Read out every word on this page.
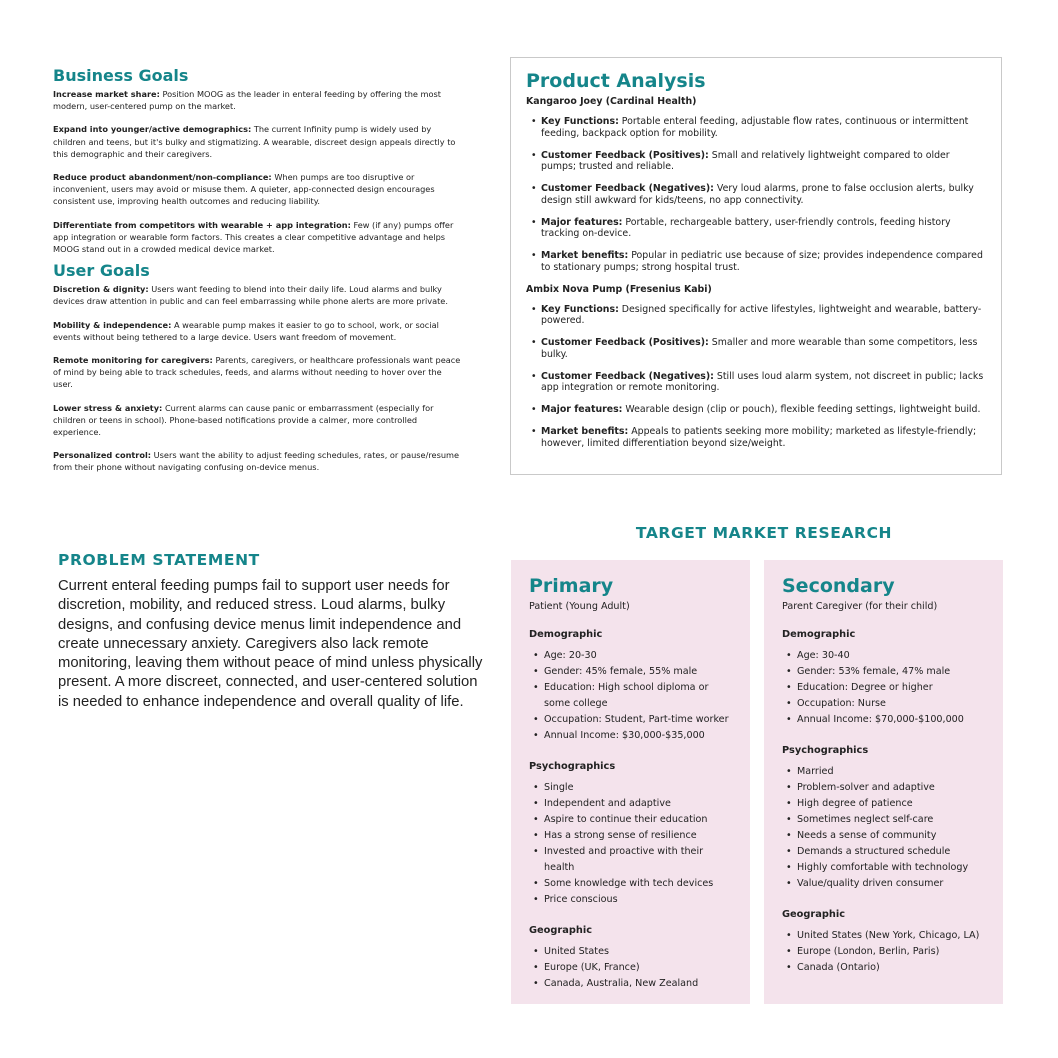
Business Goals

Increase market share: Position MOOG as the leader in enteral feeding by offering the most modern, user-centered pump on the market.

Expand into younger/active demographics: The current Infinity pump is widely used by children and teens, but it's bulky and stigmatizing. A wearable, discreet design appeals directly to this demographic and their caregivers.

Reduce product abandonment/non-compliance: When pumps are too disruptive or inconvenient, users may avoid or misuse them. A quieter, app-connected design encourages consistent use, improving health outcomes and reducing liability.

Differentiate from competitors with wearable + app integration: Few (if any) pumps offer app integration or wearable form factors. This creates a clear competitive advantage and helps MOOG stand out in a crowded medical device market.

User Goals

Discretion & dignity: Users want feeding to blend into their daily life. Loud alarms and bulky devices draw attention in public and can feel embarrassing while phone alerts are more private.

Mobility & independence: A wearable pump makes it easier to go to school, work, or social events without being tethered to a large device. Users want freedom of movement.

Remote monitoring for caregivers: Parents, caregivers, or healthcare professionals want peace of mind by being able to track schedules, feeds, and alarms without needing to hover over the user.

Lower stress & anxiety: Current alarms can cause panic or embarrassment (especially for children or teens in school). Phone-based notifications provide a calmer, more controlled experience.

Personalized control: Users want the ability to adjust feeding schedules, rates, or pause/resume from their phone without navigating confusing on-device menus.

Product Analysis
Kangaroo Joey (Cardinal Health)
• Key Functions: Portable enteral feeding, adjustable flow rates, continuous or intermittent feeding, backpack option for mobility.
• Customer Feedback (Positives): Small and relatively lightweight compared to older pumps; trusted and reliable.
• Customer Feedback (Negatives): Very loud alarms, prone to false occlusion alerts, bulky design still awkward for kids/teens, no app connectivity.
• Major features: Portable, rechargeable battery, user-friendly controls, feeding history tracking on-device.
• Market benefits: Popular in pediatric use because of size; provides independence compared to stationary pumps; strong hospital trust.
Ambix Nova Pump (Fresenius Kabi)
• Key Functions: Designed specifically for active lifestyles, lightweight and wearable, battery-powered.
• Customer Feedback (Positives): Smaller and more wearable than some competitors, less bulky.
• Customer Feedback (Negatives): Still uses loud alarm system, not discreet in public; lacks app integration or remote monitoring.
• Major features: Wearable design (clip or pouch), flexible feeding settings, lightweight build.
• Market benefits: Appeals to patients seeking more mobility; marketed as lifestyle-friendly; however, limited differentiation beyond size/weight.
PROBLEM STATEMENT

Current enteral feeding pumps fail to support user needs for discretion, mobility, and reduced stress. Loud alarms, bulky designs, and confusing device menus limit independence and create unnecessary anxiety. Caregivers also lack remote monitoring, leaving them without peace of mind unless physically present. A more discreet, connected, and user-centered solution is needed to enhance independence and overall quality of life.

TARGET MARKET RESEARCH
Primary
Patient (Young Adult)
Demographic
• Age: 20-30
• Gender: 45% female, 55% male
• Education: High school diploma or some college
• Occupation: Student, Part-time worker
• Annual Income: $30,000-$35,000
Psychographics
• Single
• Independent and adaptive
• Aspire to continue their education
• Has a strong sense of resilience
• Invested and proactive with their health
• Some knowledge with tech devices
• Price conscious
Geographic
• United States
• Europe (UK, France)
• Canada, Australia, New Zealand
Secondary
Parent Caregiver (for their child)
Demographic
• Age: 30-40
• Gender: 53% female, 47% male
• Education: Degree or higher
• Occupation: Nurse
• Annual Income: $70,000-$100,000
Psychographics
• Married
• Problem-solver and adaptive
• High degree of patience
• Sometimes neglect self-care
• Needs a sense of community
• Demands a structured schedule
• Highly comfortable with technology
• Value/quality driven consumer
Geographic
• United States (New York, Chicago, LA)
• Europe (London, Berlin, Paris)
• Canada (Ontario)
